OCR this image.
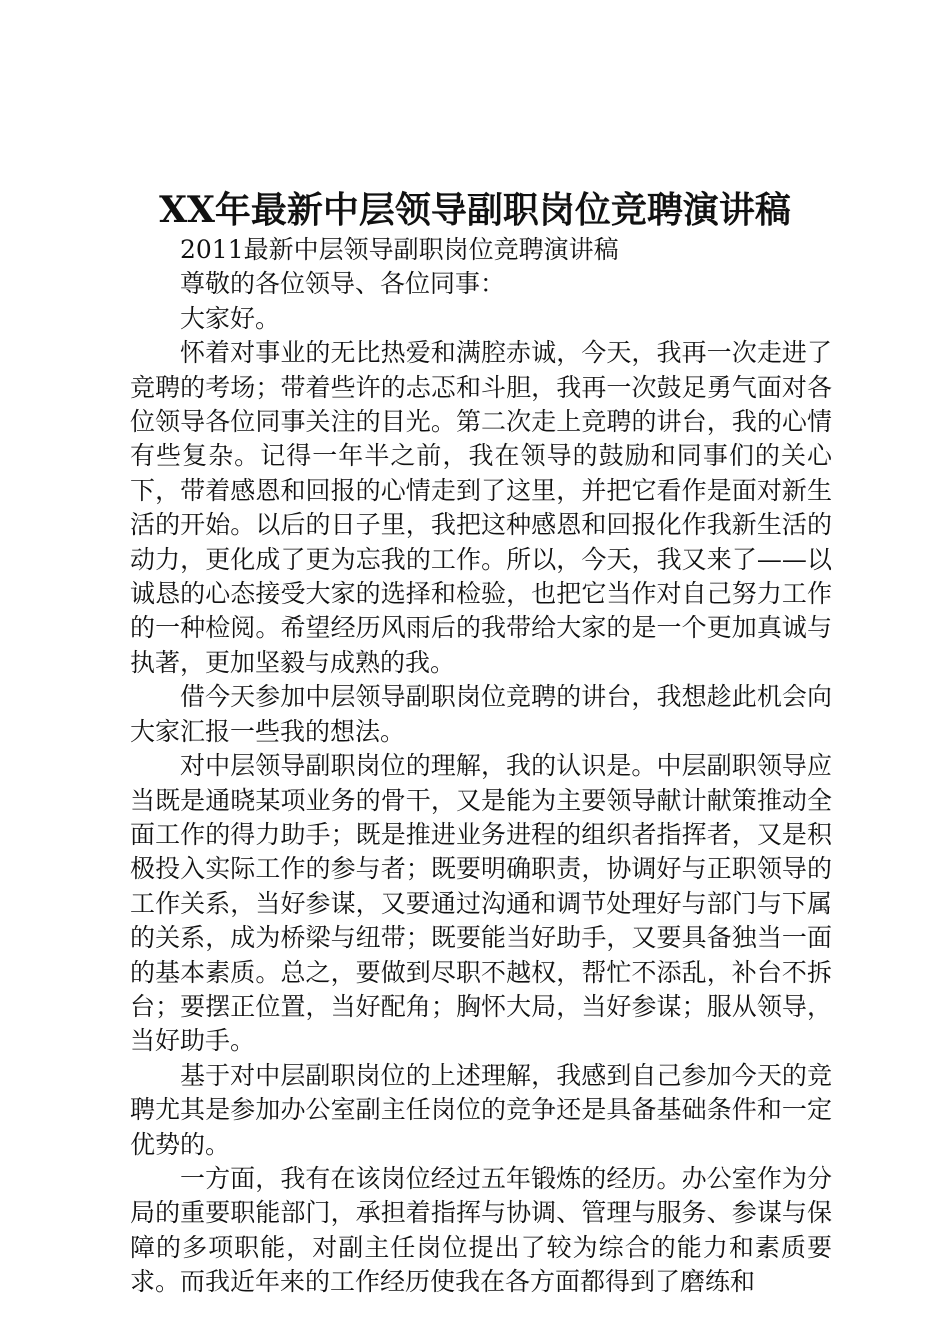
XX年最新中层领导副职岗位竞聘演讲稿

2011最新中层领导副职岗位竞聘演讲稿

尊敬的各位领导、各位同事：

大家好。

怀着对事业的无比热爱和满腔赤诚，今天，我再一次走进了竞聘的考场；带着些许的忐忑和斗胆，我再一次鼓足勇气面对各位领导各位同事关注的目光。第二次走上竞聘的讲台，我的心情有些复杂。记得一年半之前，我在领导的鼓励和同事们的关心下，带着感恩和回报的心情走到了这里，并把它看作是面对新生活的开始。以后的日子里，我把这种感恩和回报化作我新生活的动力，更化成了更为忘我的工作。所以，今天，我又来了——以诚恳的心态接受大家的选择和检验，也把它当作对自己努力工作的一种检阅。希望经历风雨后的我带给大家的是一个更加真诚与执著，更加坚毅与成熟的我。

借今天参加中层领导副职岗位竞聘的讲台，我想趁此机会向大家汇报一些我的想法。

对中层领导副职岗位的理解，我的认识是。中层副职领导应当既是通晓某项业务的骨干，又是能为主要领导献计献策推动全面工作的得力助手；既是推进业务进程的组织者指挥者，又是积极投入实际工作的参与者；既要明确职责，协调好与正职领导的工作关系，当好参谋，又要通过沟通和调节处理好与部门与下属的关系，成为桥梁与纽带；既要能当好助手，又要具备独当一面的基本素质。总之，要做到尽职不越权，帮忙不添乱，补台不拆台；要摆正位置，当好配角；胸怀大局，当好参谋；服从领导，当好助手。

基于对中层副职岗位的上述理解，我感到自己参加今天的竞聘尤其是参加办公室副主任岗位的竞争还是具备基础条件和一定优势的。

一方面，我有在该岗位经过五年锻炼的经历。办公室作为分局的重要职能部门，承担着指挥与协调、管理与服务、参谋与保障的多项职能，对副主任岗位提出了较为综合的能力和素质要求。而我近年来的工作经历使我在各方面都得到了磨练和
